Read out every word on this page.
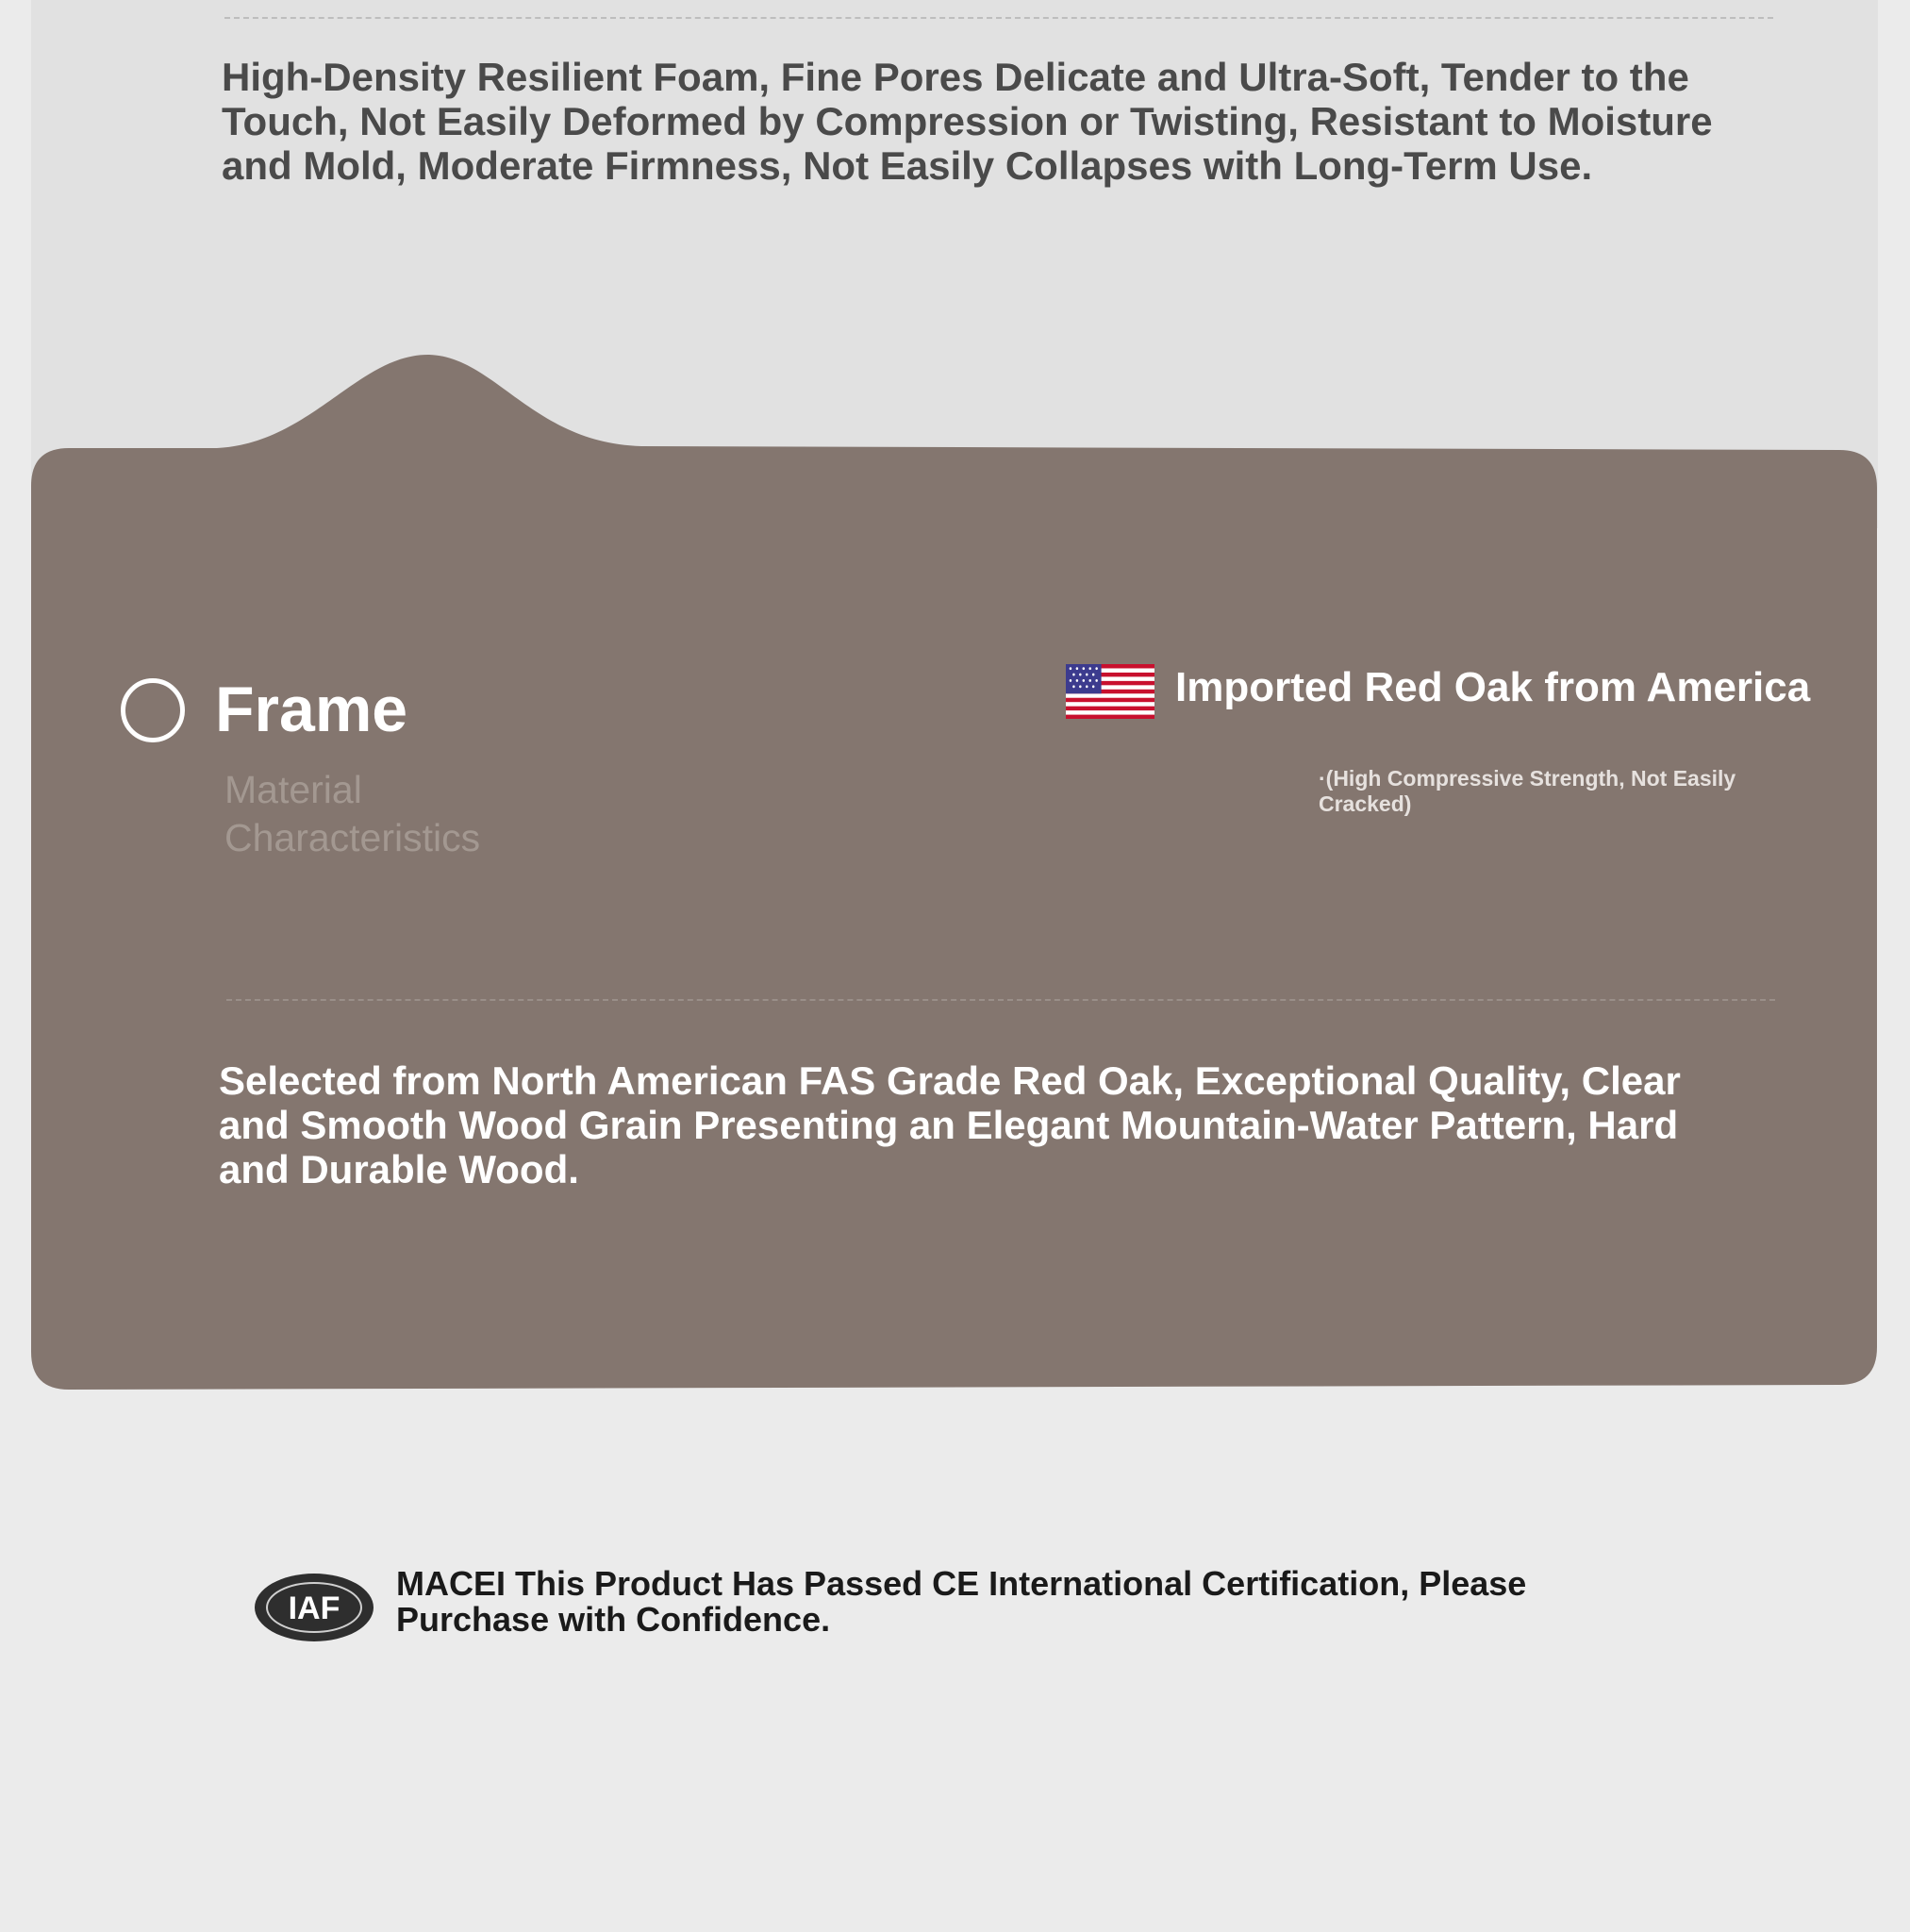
High-Density Resilient Foam, Fine Pores Delicate and Ultra-Soft, Tender to the Touch, Not Easily Deformed by Compression or Twisting, Resistant to Moisture and Mold, Moderate Firmness, Not Easily Collapses with Long-Term Use.
Frame
Material Characteristics
Imported Red Oak from America
·(High Compressive Strength, Not Easily Cracked)
Selected from North American FAS Grade Red Oak, Exceptional Quality, Clear and Smooth Wood Grain Presenting an Elegant Mountain-Water Pattern, Hard and Durable Wood.
IAF
MACEI This Product Has Passed CE International Certification, Please Purchase with Confidence.
